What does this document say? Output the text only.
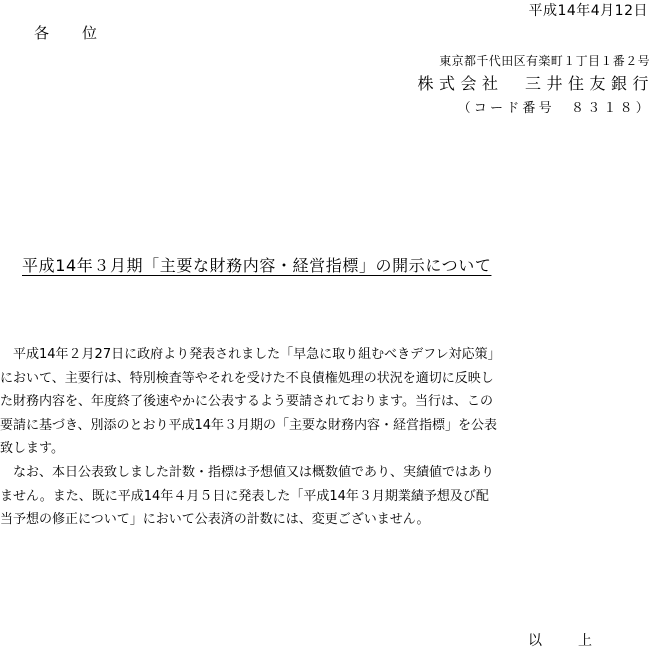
平成14年4月12日
各位
東京都千代田区有楽町１丁目１番２号
株式会社　三井住友銀行
（コード番号　８３１８）
平成14年３月期「主要な財務内容・経営指標」の開示について
　平成14年２月27日に政府より発表されました「早急に取り組むべきデフレ対応策」
において、主要行は、特別検査等やそれを受けた不良債権処理の状況を適切に反映し
た財務内容を、年度終了後速やかに公表するよう要請されております。当行は、この
要請に基づき、別添のとおり平成14年３月期の「主要な財務内容・経営指標」を公表
致します。
　なお、本日公表致しました計数・指標は予想値又は概数値であり、実績値ではあり
ません。また、既に平成14年４月５日に発表した「平成14年３月期業績予想及び配
当予想の修正について」において公表済の計数には、変更ございません。
以上
